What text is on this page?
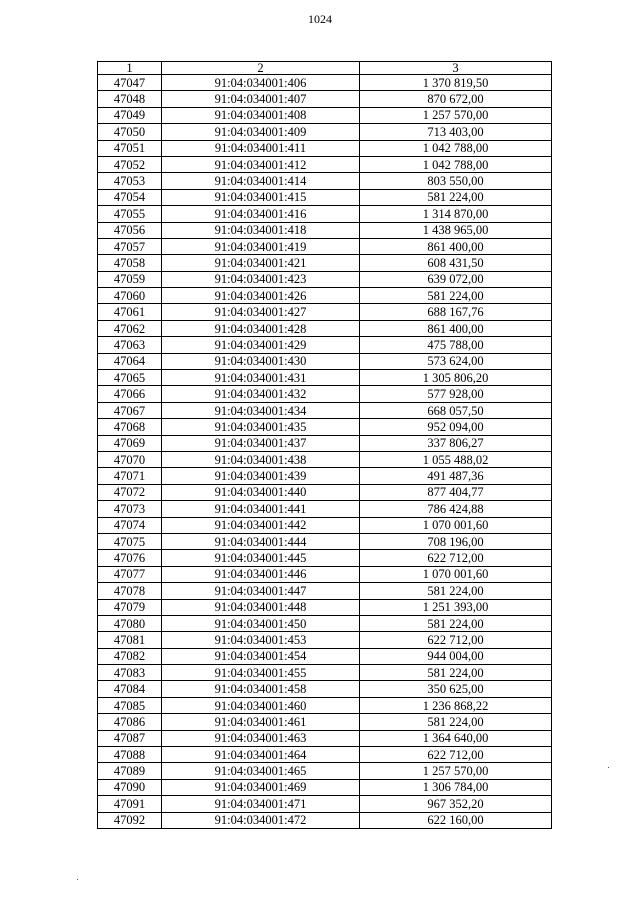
1024
1	2	3
47047	91:04:034001:406	1 370 819,50
47048	91:04:034001:407	870 672,00
47049	91:04:034001:408	1 257 570,00
47050	91:04:034001:409	713 403,00
47051	91:04:034001:411	1 042 788,00
47052	91:04:034001:412	1 042 788,00
47053	91:04:034001:414	803 550,00
47054	91:04:034001:415	581 224,00
47055	91:04:034001:416	1 314 870,00
47056	91:04:034001:418	1 438 965,00
47057	91:04:034001:419	861 400,00
47058	91:04:034001:421	608 431,50
47059	91:04:034001:423	639 072,00
47060	91:04:034001:426	581 224,00
47061	91:04:034001:427	688 167,76
47062	91:04:034001:428	861 400,00
47063	91:04:034001:429	475 788,00
47064	91:04:034001:430	573 624,00
47065	91:04:034001:431	1 305 806,20
47066	91:04:034001:432	577 928,00
47067	91:04:034001:434	668 057,50
47068	91:04:034001:435	952 094,00
47069	91:04:034001:437	337 806,27
47070	91:04:034001:438	1 055 488,02
47071	91:04:034001:439	491 487,36
47072	91:04:034001:440	877 404,77
47073	91:04:034001:441	786 424,88
47074	91:04:034001:442	1 070 001,60
47075	91:04:034001:444	708 196,00
47076	91:04:034001:445	622 712,00
47077	91:04:034001:446	1 070 001,60
47078	91:04:034001:447	581 224,00
47079	91:04:034001:448	1 251 393,00
47080	91:04:034001:450	581 224,00
47081	91:04:034001:453	622 712,00
47082	91:04:034001:454	944 004,00
47083	91:04:034001:455	581 224,00
47084	91:04:034001:458	350 625,00
47085	91:04:034001:460	1 236 868,22
47086	91:04:034001:461	581 224,00
47087	91:04:034001:463	1 364 640,00
47088	91:04:034001:464	622 712,00
47089	91:04:034001:465	1 257 570,00
47090	91:04:034001:469	1 306 784,00
47091	91:04:034001:471	967 352,20
47092	91:04:034001:472	622 160,00
